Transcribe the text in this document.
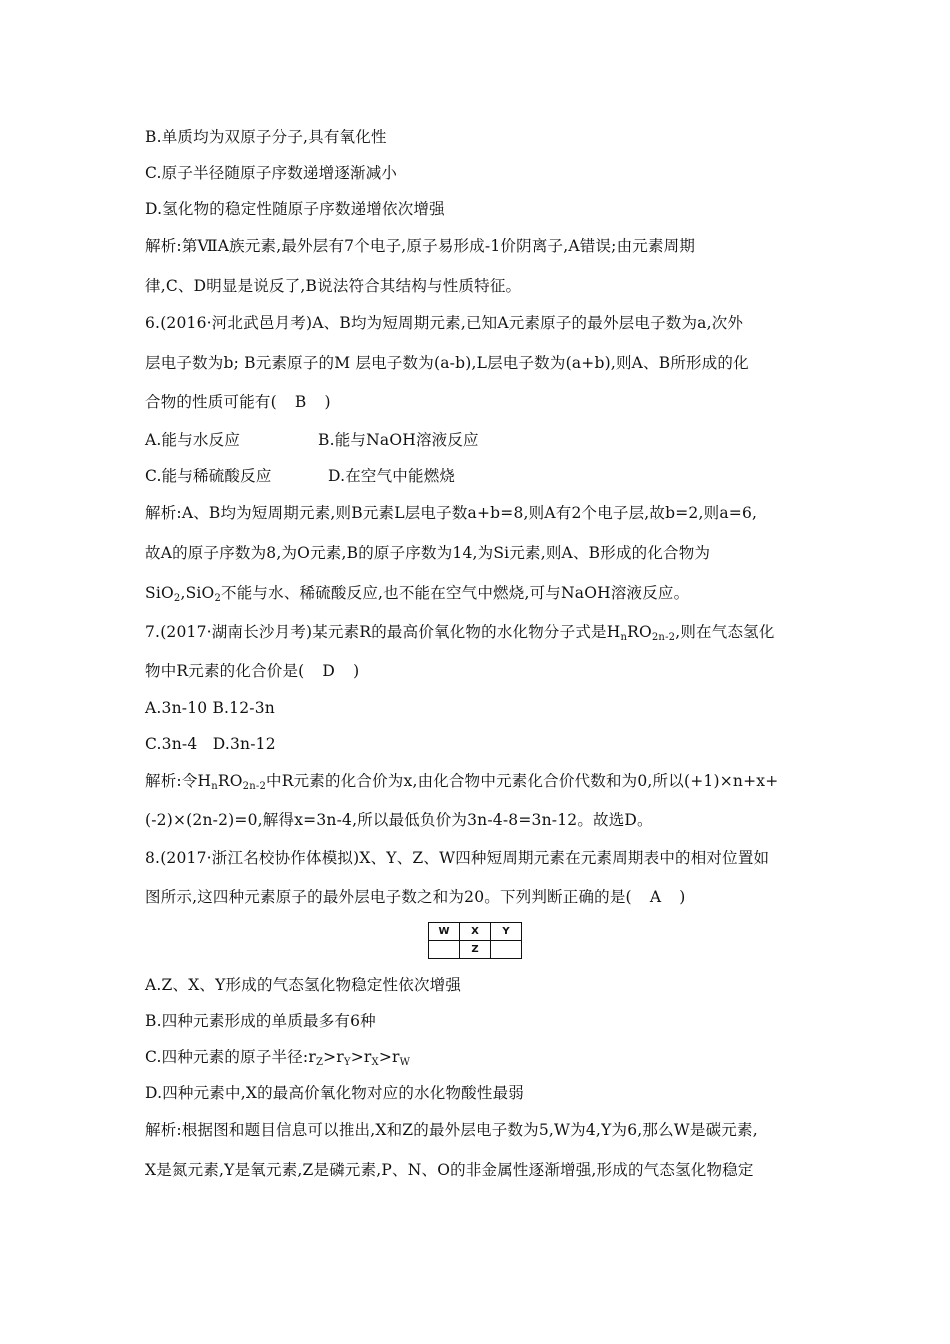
B.单质均为双原子分子,具有氧化性
C.原子半径随原子序数递增逐渐减小
D.氢化物的稳定性随原子序数递增依次增强
解析:第ⅦA族元素,最外层有7个电子,原子易形成-1价阴离子,A错误;由元素周期
律,C、D明显是说反了,B说法符合其结构与性质特征。
6.(2016·河北武邑月考)A、B均为短周期元素,已知A元素原子的最外层电子数为a,次外
层电子数为b; B元素原子的M 层电子数为(a-b),L层电子数为(a+b),则A、B所形成的化
合物的性质可能有( B )
A.能与水反应	B.能与NaOH溶液反应
C.能与稀硫酸反应	D.在空气中能燃烧
解析:A、B均为短周期元素,则B元素L层电子数a+b=8,则A有2个电子层,故b=2,则a=6,
故A的原子序数为8,为O元素,B的原子序数为14,为Si元素,则A、B形成的化合物为
SiO$_2$,SiO$_2$不能与水、稀硫酸反应,也不能在空气中燃烧,可与NaOH溶液反应。
7.(2017·湖南长沙月考)某元素R的最高价氧化物的水化物分子式是$H_nRO_{2n-2}$,则在气态氢化
物中R元素的化合价是( D )
A.3n-10 B.12-3n
C.3n-4   D.3n-12
解析:令$H_nRO_{2n-2}$中R元素的化合价为x,由化合物中元素化合价代数和为0,所以(+1)×n+x+
(-2)×(2n-2)=0,解得x=3n-4,所以最低负价为3n-4-8=3n-12。故选D。
8.(2017·浙江名校协作体模拟)X、Y、Z、W四种短周期元素在元素周期表中的相对位置如
图所示,这四种元素原子的最外层电子数之和为20。下列判断正确的是( A )
W	X	Y
	Z	
A.Z、X、Y形成的气态氢化物稳定性依次增强
B.四种元素形成的单质最多有6种
C.四种元素的原子半径$:r_Z>r_Y>r_X>r_W$
D.四种元素中,X的最高价氧化物对应的水化物酸性最弱
解析:根据图和题目信息可以推出,X和Z的最外层电子数为5,W为4,Y为6,那么W是碳元素,
X是氮元素,Y是氧元素,Z是磷元素,P、N、O的非金属性逐渐增强,形成的气态氢化物稳定
